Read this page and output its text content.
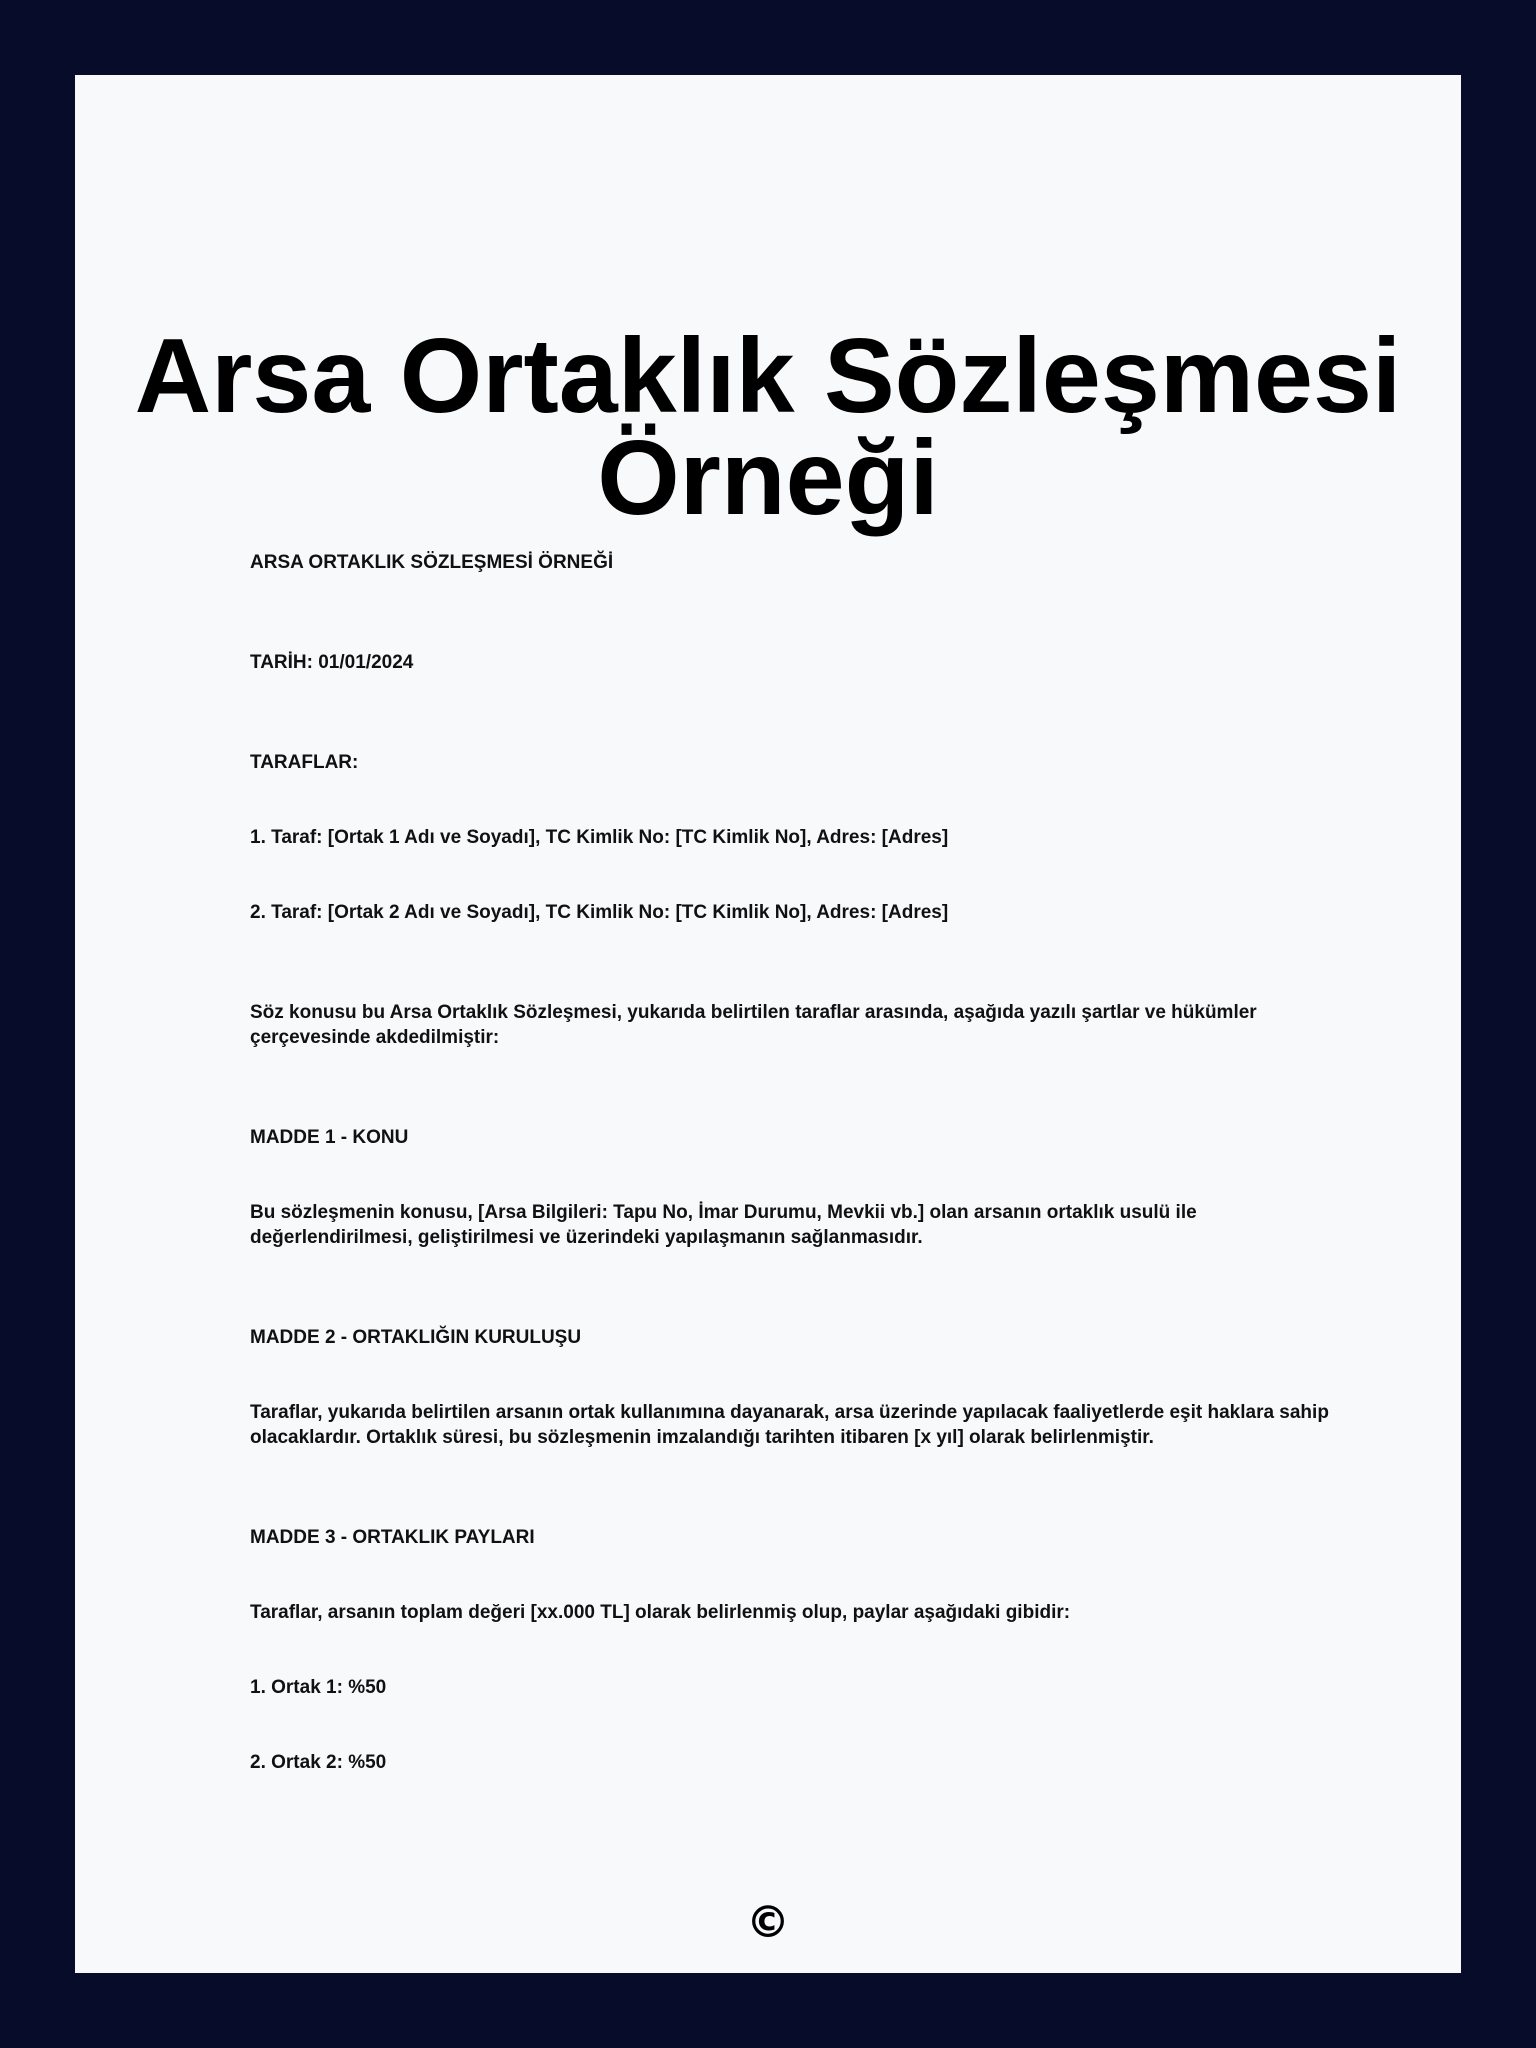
Arsa Ortaklık Sözleşmesi Örneği

ARSA ORTAKLIK SÖZLEŞMESİ ÖRNEĞİ

TARİH: 01/01/2024

TARAFLAR:

1. Taraf: [Ortak 1 Adı ve Soyadı], TC Kimlik No: [TC Kimlik No], Adres: [Adres]

2. Taraf: [Ortak 2 Adı ve Soyadı], TC Kimlik No: [TC Kimlik No], Adres: [Adres]

Söz konusu bu Arsa Ortaklık Sözleşmesi, yukarıda belirtilen taraflar arasında, aşağıda yazılı şartlar ve hükümler çerçevesinde akdedilmiştir:

MADDE 1 - KONU

Bu sözleşmenin konusu, [Arsa Bilgileri: Tapu No, İmar Durumu, Mevkii vb.] olan arsanın ortaklık usulü ile değerlendirilmesi, geliştirilmesi ve üzerindeki yapılaşmanın sağlanmasıdır.

MADDE 2 - ORTAKLIĞIN KURULUŞU

Taraflar, yukarıda belirtilen arsanın ortak kullanımına dayanarak, arsa üzerinde yapılacak faaliyetlerde eşit haklara sahip olacaklardır. Ortaklık süresi, bu sözleşmenin imzalandığı tarihten itibaren [x yıl] olarak belirlenmiştir.

MADDE 3 - ORTAKLIK PAYLARI

Taraflar, arsanın toplam değeri [xx.000 TL] olarak belirlenmiş olup, paylar aşağıdaki gibidir:

1. Ortak 1: %50

2. Ortak 2: %50

©
